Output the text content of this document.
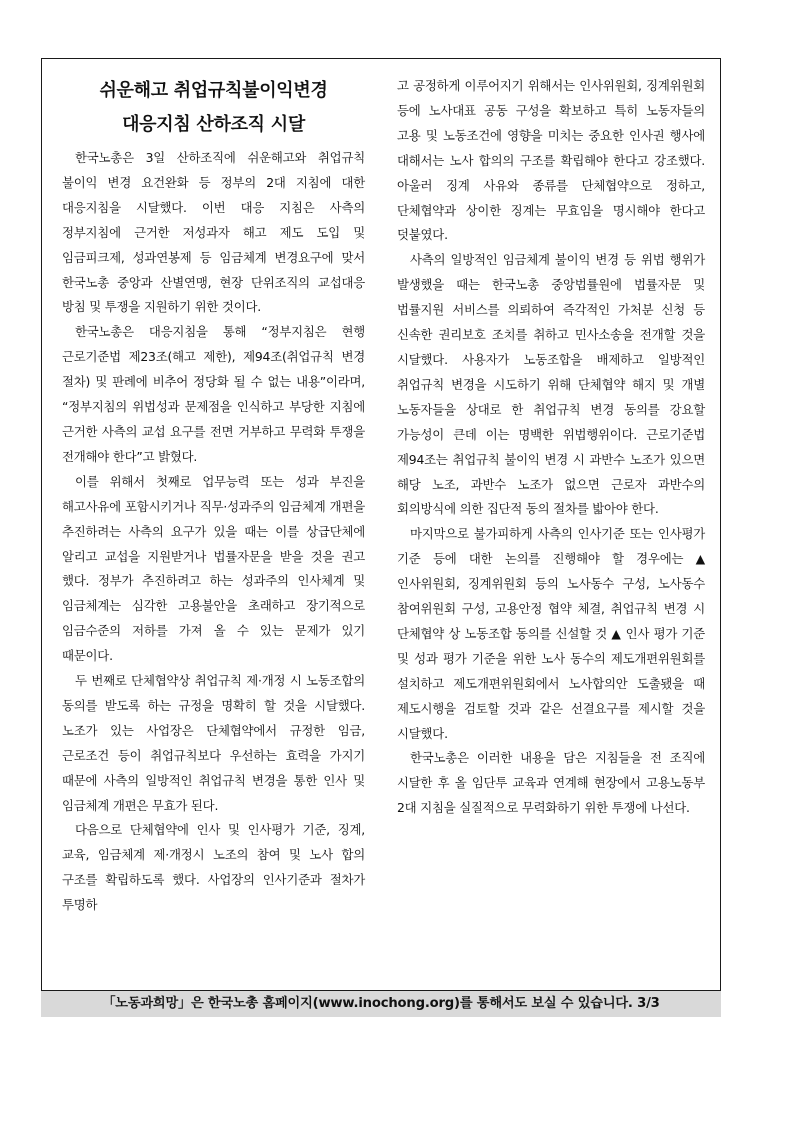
쉬운해고 취업규칙불이익변경
대응지침 산하조직 시달

한국노총은 3일 산하조직에 쉬운해고와 취업규칙 불이익 변경 요건완화 등 정부의 2대 지침에 대한 대응지침을 시달했다. 이번 대응 지침은 사측의 정부지침에 근거한 저성과자 해고 제도 도입 및 임금피크제, 성과연봉제 등 임금체계 변경요구에 맞서 한국노총 중앙과 산별연맹, 현장 단위조직의 교섭대응 방침 및 투쟁을 지원하기 위한 것이다.

한국노총은 대응지침을 통해 “정부지침은 현행 근로기준법 제23조(해고 제한), 제94조(취업규칙 변경 절차) 및 판례에 비추어 정당화 될 수 없는 내용”이라며, “정부지침의 위법성과 문제점을 인식하고 부당한 지침에 근거한 사측의 교섭 요구를 전면 거부하고 무력화 투쟁을 전개해야 한다”고 밝혔다.

이를 위해서 첫째로 업무능력 또는 성과 부진을 해고사유에 포함시키거나 직무·성과주의 임금체계 개편을 추진하려는 사측의 요구가 있을 때는 이를 상급단체에 알리고 교섭을 지원받거나 법률자문을 받을 것을 권고 했다. 정부가 추진하려고 하는 성과주의 인사체계 및 임금체계는 심각한 고용불안을 초래하고 장기적으로 임금수준의 저하를 가져 올 수 있는 문제가 있기 때문이다.

두 번째로 단체협약상 취업규칙 제·개정 시 노동조합의 동의를 받도록 하는 규정을 명확히 할 것을 시달했다. 노조가 있는 사업장은 단체협약에서 규정한 임금, 근로조건 등이 취업규칙보다 우선하는 효력을 가지기 때문에 사측의 일방적인 취업규칙 변경을 통한 인사 및 임금체계 개편은 무효가 된다.

다음으로 단체협약에 인사 및 인사평가 기준, 징계, 교육, 임금체계 제·개정시 노조의 참여 및 노사 합의 구조를 확립하도록 했다. 사업장의 인사기준과 절차가 투명하

고 공정하게 이루어지기 위해서는 인사위원회, 징계위원회 등에 노사대표 공동 구성을 확보하고 특히 노동자들의 고용 및 노동조건에 영향을 미치는 중요한 인사권 행사에 대해서는 노사 합의의 구조를 확립해야 한다고 강조했다. 아울러 징계 사유와 종류를 단체협약으로 정하고, 단체협약과 상이한 징계는 무효임을 명시해야 한다고 덧붙였다.

사측의 일방적인 임금체계 불이익 변경 등 위법 행위가 발생했을 때는 한국노총 중앙법률원에 법률자문 및 법률지원 서비스를 의뢰하여 즉각적인 가처분 신청 등 신속한 권리보호 조치를 취하고 민사소송을 전개할 것을 시달했다. 사용자가 노동조합을 배제하고 일방적인 취업규칙 변경을 시도하기 위해 단체협약 해지 및 개별 노동자들을 상대로 한 취업규칙 변경 동의를 강요할 가능성이 큰데 이는 명백한 위법행위이다. 근로기준법 제94조는 취업규칙 불이익 변경 시 과반수 노조가 있으면 해당 노조, 과반수 노조가 없으면 근로자 과반수의 회의방식에 의한 집단적 동의 절차를 밟아야 한다.

마지막으로 불가피하게 사측의 인사기준 또는 인사평가 기준 등에 대한 논의를 진행해야 할 경우에는 ▲ 인사위원회, 징계위원회 등의 노사동수 구성, 노사동수 참여위원회 구성, 고용안정 협약 체결, 취업규칙 변경 시 단체협약 상 노동조합 동의를 신설할 것 ▲ 인사 평가 기준 및 성과 평가 기준을 위한 노사 동수의 제도개편위원회를 설치하고 제도개편위원회에서 노사합의안 도출됐을 때 제도시행을 검토할 것과 같은 선결요구를 제시할 것을 시달했다.

한국노총은 이러한 내용을 담은 지침들을 전 조직에 시달한 후 올 임단투 교육과 연계해 현장에서 고용노동부 2대 지침을 실질적으로 무력화하기 위한 투쟁에 나선다.

「노동과희망」은 한국노총 홈페이지(www.inochong.org)를 통해서도 보실 수 있습니다. 3/3
